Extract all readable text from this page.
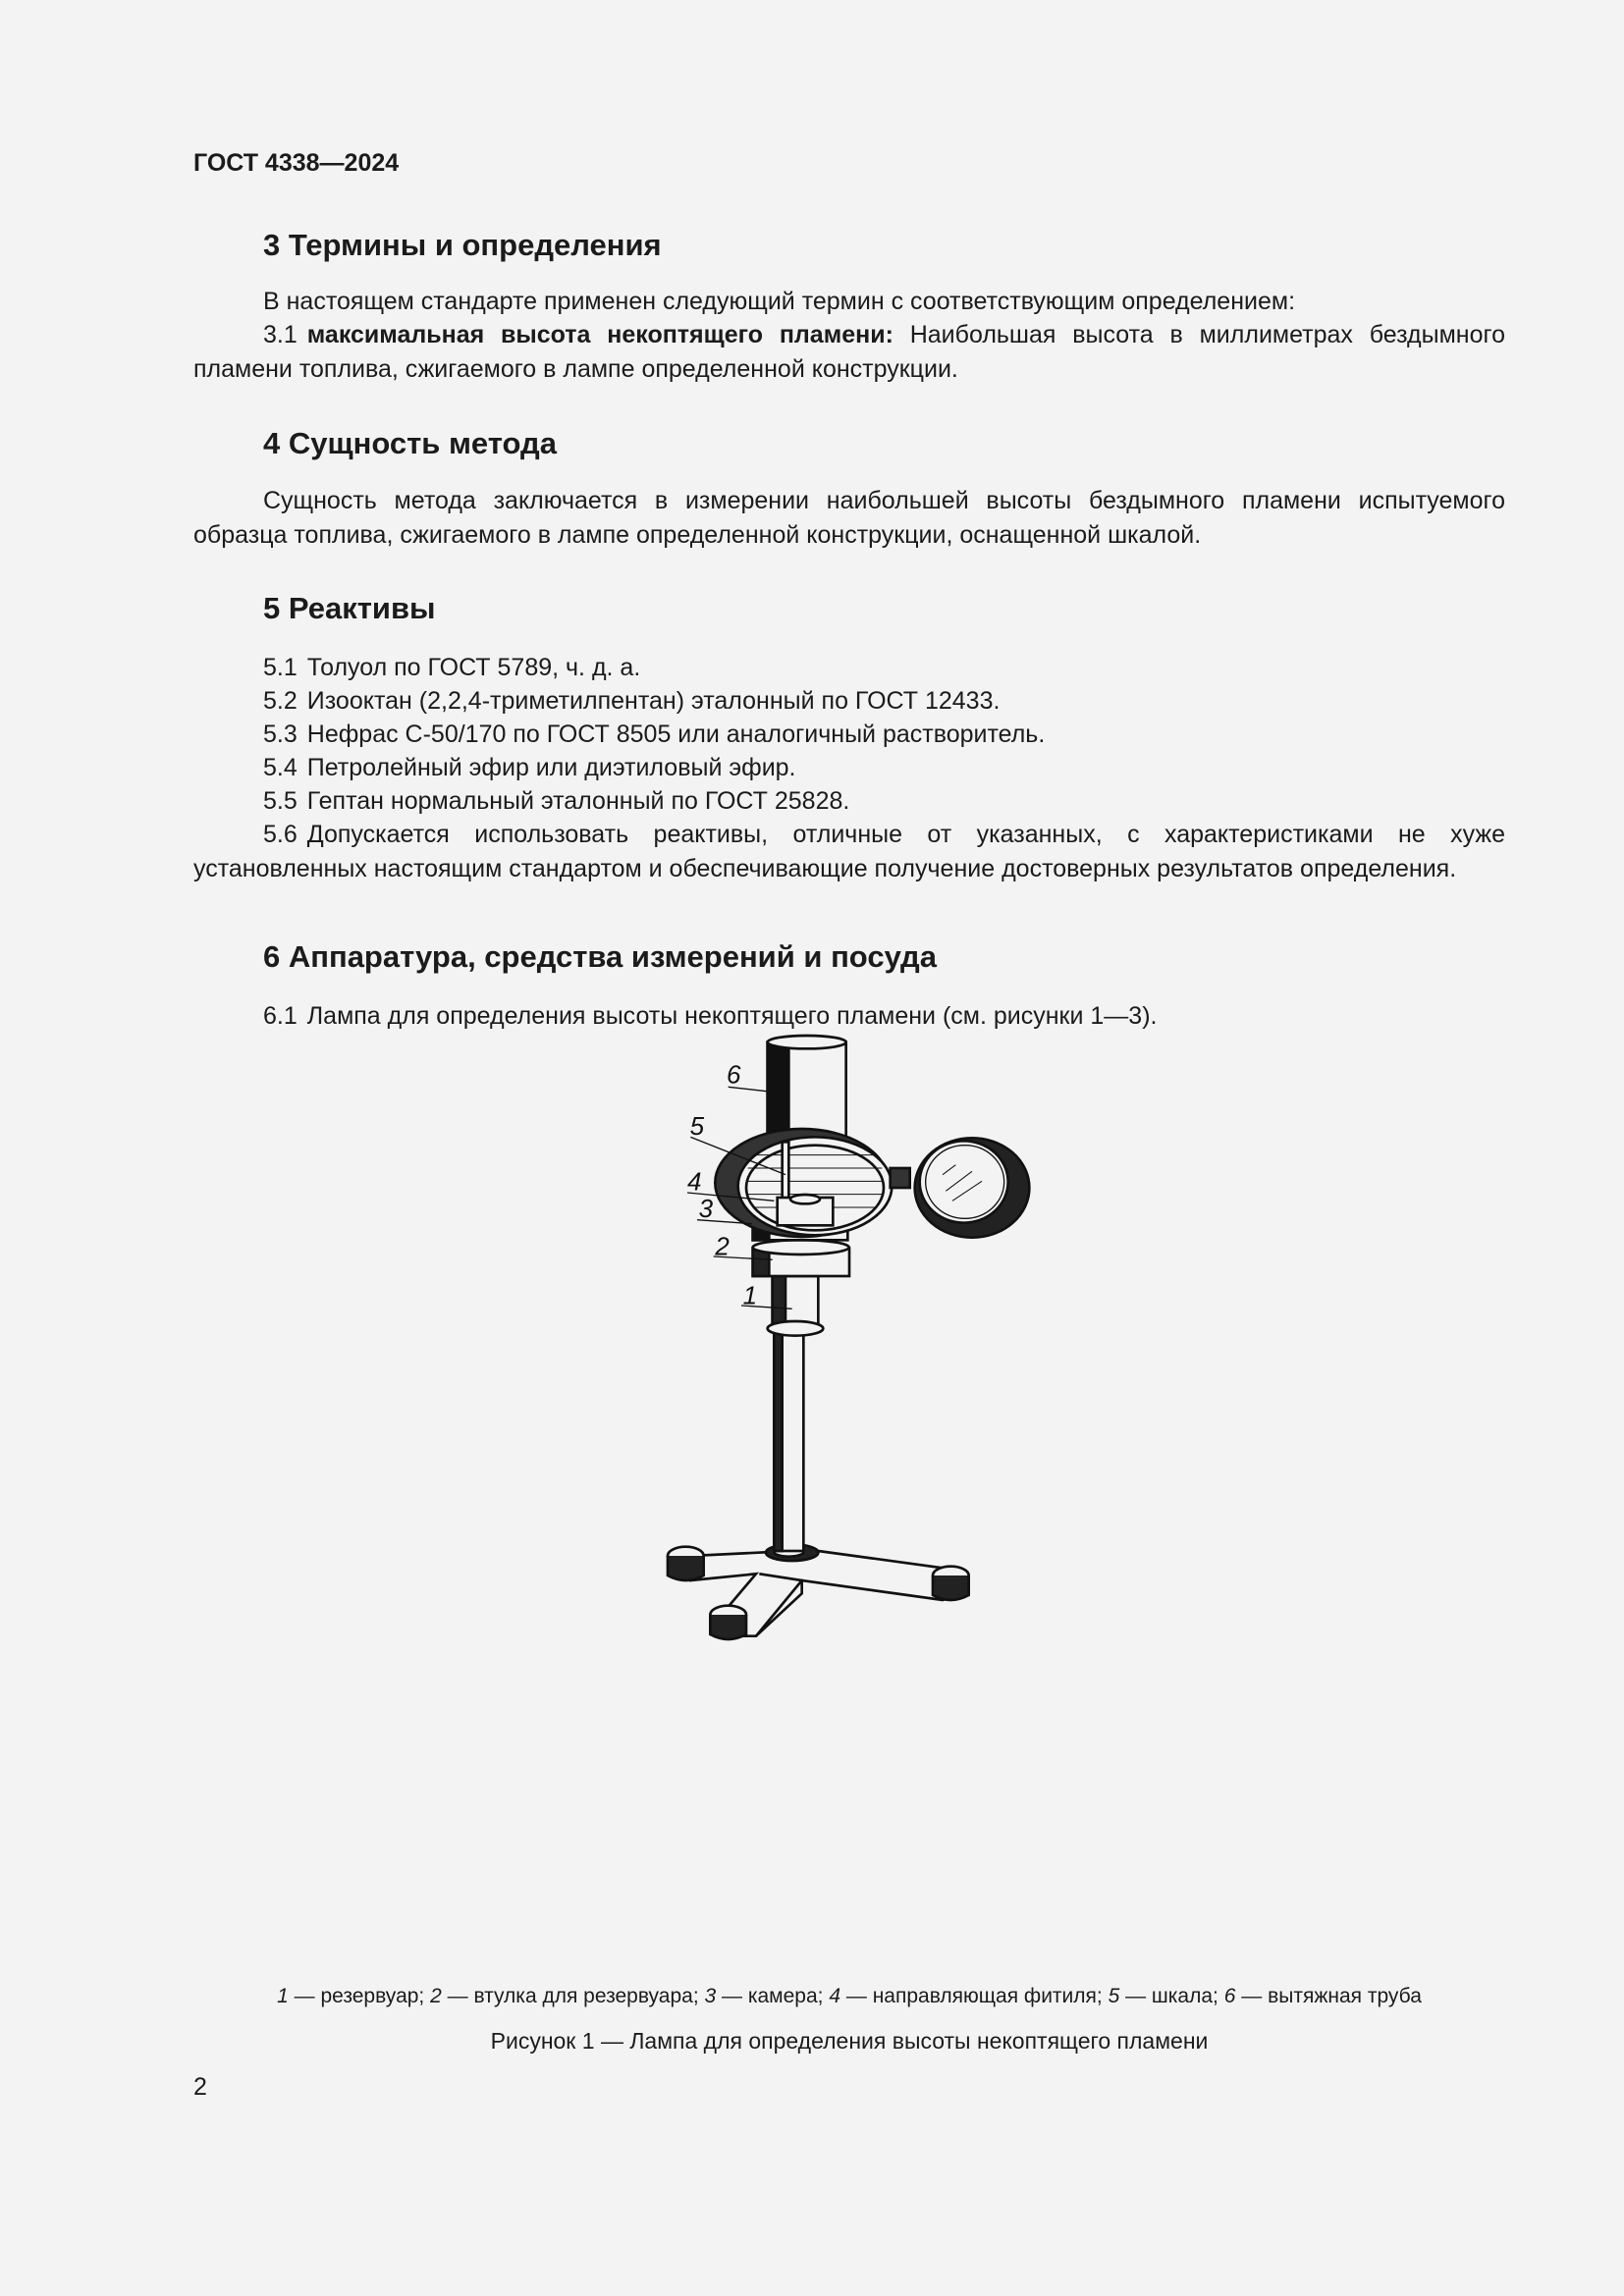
ГОСТ 4338—2024
3 Термины и определения
В настоящем стандарте применен следующий термин с соответствующим определением:
3.1 максимальная высота некоптящего пламени: Наибольшая высота в миллиметрах бездымного пламени топлива, сжигаемого в лампе определенной конструкции.
4 Сущность метода
Сущность метода заключается в измерении наибольшей высоты бездымного пламени испытуемого образца топлива, сжигаемого в лампе определенной конструкции, оснащенной шкалой.
5 Реактивы
5.1 Толуол по ГОСТ 5789, ч. д. а.
5.2 Изооктан (2,2,4-триметилпентан) эталонный по ГОСТ 12433.
5.3 Нефрас С-50/170 по ГОСТ 8505 или аналогичный растворитель.
5.4 Петролейный эфир или диэтиловый эфир.
5.5 Гептан нормальный эталонный по ГОСТ 25828.
5.6 Допускается использовать реактивы, отличные от указанных, с характеристиками не хуже установленных настоящим стандартом и обеспечивающие получение достоверных результатов определения.
6 Аппаратура, средства измерений и посуда
6.1 Лампа для определения высоты некоптящего пламени (см. рисунки 1—3).
6
5
4
3
2
1
1 — резервуар; 2 — втулка для резервуара; 3 — камера; 4 — направляющая фитиля; 5 — шкала; 6 — вытяжная труба
Рисунок 1 — Лампа для определения высоты некоптящего пламени
2
